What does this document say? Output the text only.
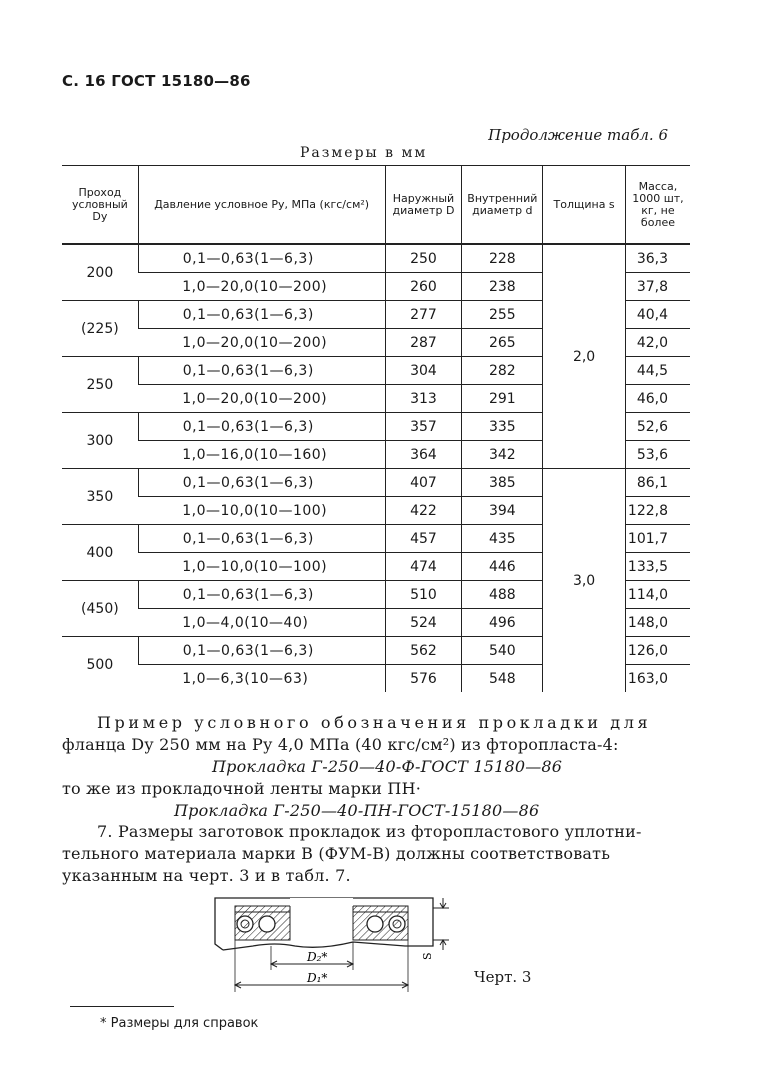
С. 16 ГОСТ 15180—86
Продолжение табл. 6
Размеры в мм
Проход условный Dу	Давление условное Pу, МПа (кгс/см²)	Наружный диаметр D	Внутренний диаметр d	Толщина s	Масса, 1000 шт, кг, не более
200	0,1—0,63(1—6,3)	250	228	2,0	36,3
	1,0—20,0(10—200)	260	238		37,8
(225)	0,1—0,63(1—6,3)	277	255		40,4
	1,0—20,0(10—200)	287	265		42,0
250	0,1—0,63(1—6,3)	304	282		44,5
	1,0—20,0(10—200)	313	291		46,0
300	0,1—0,63(1—6,3)	357	335		52,6
	1,0—16,0(10—160)	364	342		53,6
350	0,1—0,63(1—6,3)	407	385	3,0	86,1
	1,0—10,0(10—100)	422	394		122,8
400	0,1—0,63(1—6,3)	457	435		101,7
	1,0—10,0(10—100)	474	446		133,5
(450)	0,1—0,63(1—6,3)	510	488		114,0
	1,0—4,0(10—40)	524	496		148,0
500	0,1—0,63(1—6,3)	562	540		126,0
	1,0—6,3(10—63)	576	548		163,0
Пример условного обозначения прокладки для
фланца Dу 250 мм на Pу 4,0 МПа (40 кгс/см²) из фторопласта-4:
Прокладка Г-250—40-Ф-ГОСТ 15180—86
то же из прокладочной ленты марки ПН·
Прокладка Г-250—40-ПН-ГОСТ-15180—86
7. Размеры заготовок прокладок из фторопластового уплотни-
тельного материала марки В (ФУМ-В) должны соответствовать
указанным на черт. 3 и в табл. 7.
D₂*
D₁*
S
Черт. 3
* Размеры для справок
